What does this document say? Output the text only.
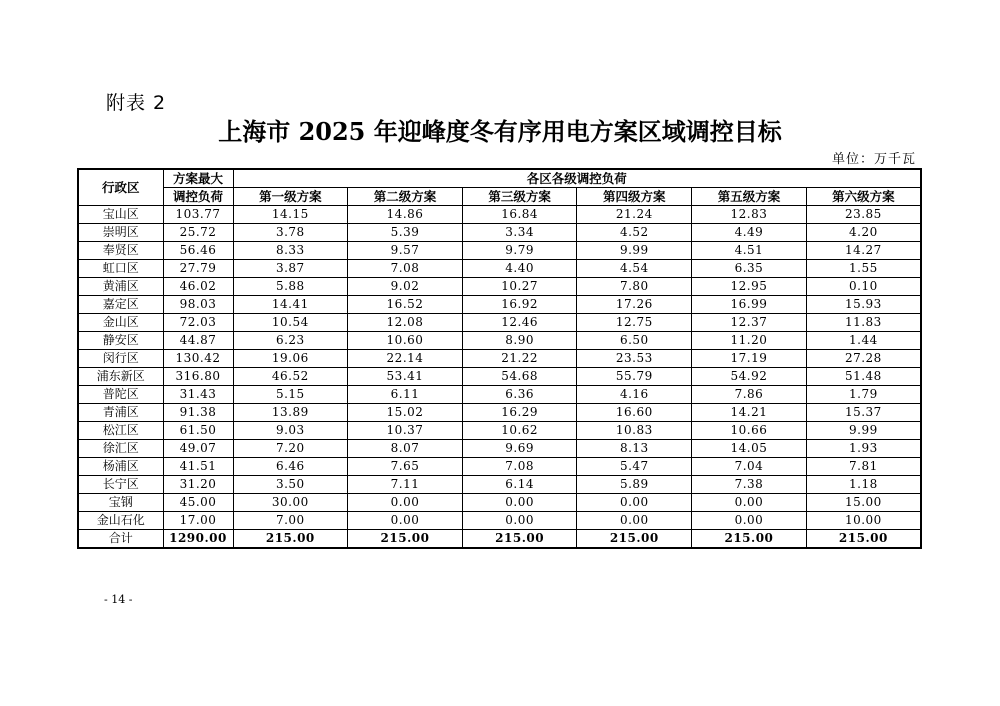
附表 2
上海市 2025 年迎峰度冬有序用电方案区域调控目标
单位：万千瓦
行政区	方案最大	各区各级调控负荷					
	调控负荷	第一级方案	第二级方案	第三级方案	第四级方案	第五级方案	第六级方案
宝山区	103.77	14.15	14.86	16.84	21.24	12.83	23.85
崇明区	25.72	3.78	5.39	3.34	4.52	4.49	4.20
奉贤区	56.46	8.33	9.57	9.79	9.99	4.51	14.27
虹口区	27.79	3.87	7.08	4.40	4.54	6.35	1.55
黄浦区	46.02	5.88	9.02	10.27	7.80	12.95	0.10
嘉定区	98.03	14.41	16.52	16.92	17.26	16.99	15.93
金山区	72.03	10.54	12.08	12.46	12.75	12.37	11.83
静安区	44.87	6.23	10.60	8.90	6.50	11.20	1.44
闵行区	130.42	19.06	22.14	21.22	23.53	17.19	27.28
浦东新区	316.80	46.52	53.41	54.68	55.79	54.92	51.48
普陀区	31.43	5.15	6.11	6.36	4.16	7.86	1.79
青浦区	91.38	13.89	15.02	16.29	16.60	14.21	15.37
松江区	61.50	9.03	10.37	10.62	10.83	10.66	9.99
徐汇区	49.07	7.20	8.07	9.69	8.13	14.05	1.93
杨浦区	41.51	6.46	7.65	7.08	5.47	7.04	7.81
长宁区	31.20	3.50	7.11	6.14	5.89	7.38	1.18
宝钢	45.00	30.00	0.00	0.00	0.00	0.00	15.00
金山石化	17.00	7.00	0.00	0.00	0.00	0.00	10.00
合计	1290.00	215.00	215.00	215.00	215.00	215.00	215.00
- 14 -
